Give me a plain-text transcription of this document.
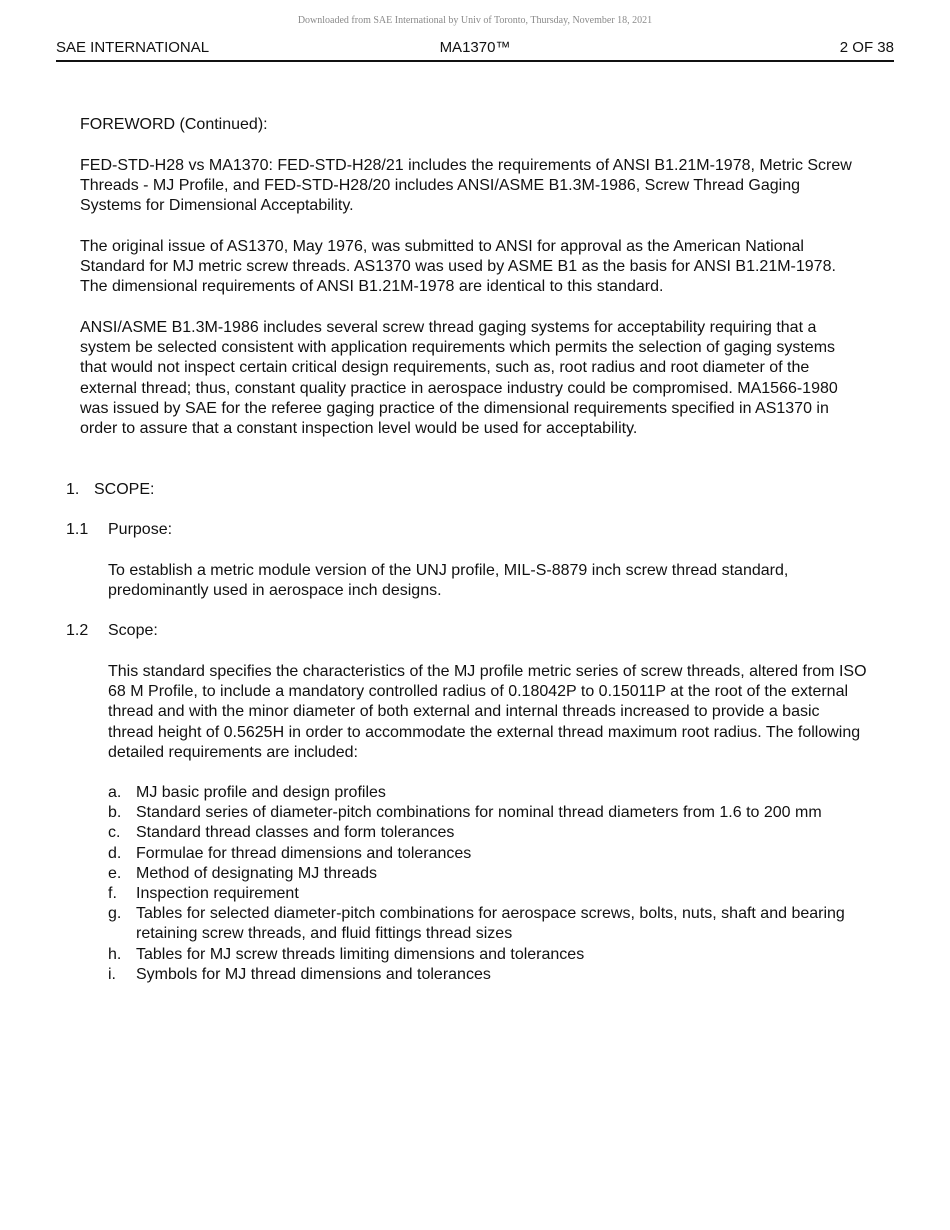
Downloaded from SAE International by Univ of Toronto, Thursday, November 18, 2021
SAE INTERNATIONAL	MA1370™	2 OF 38

FOREWORD (Continued):

FED-STD-H28 vs MA1370: FED-STD-H28/21 includes the requirements of ANSI B1.21M-1978, Metric Screw Threads - MJ Profile, and FED-STD-H28/20 includes ANSI/ASME B1.3M-1986, Screw Thread Gaging Systems for Dimensional Acceptability.

The original issue of AS1370, May 1976, was submitted to ANSI for approval as the American National Standard for MJ metric screw threads. AS1370 was used by ASME B1 as the basis for ANSI B1.21M-1978. The dimensional requirements of ANSI B1.21M-1978 are identical to this standard.

ANSI/ASME B1.3M-1986 includes several screw thread gaging systems for acceptability requiring that a system be selected consistent with application requirements which permits the selection of gaging systems that would not inspect certain critical design requirements, such as, root radius and root diameter of the external thread; thus, constant quality practice in aerospace industry could be compromised. MA1566-1980 was issued by SAE for the referee gaging practice of the dimensional requirements specified in AS1370 in order to assure that a constant inspection level would be used for acceptability.

1. SCOPE:

1.1 Purpose:

To establish a metric module version of the UNJ profile, MIL-S-8879 inch screw thread standard, predominantly used in aerospace inch designs.

1.2 Scope:

This standard specifies the characteristics of the MJ profile metric series of screw threads, altered from ISO 68 M Profile, to include a mandatory controlled radius of 0.18042P to 0.15011P at the root of the external thread and with the minor diameter of both external and internal threads increased to provide a basic thread height of 0.5625H in order to accommodate the external thread maximum root radius. The following detailed requirements are included:

a. MJ basic profile and design profiles
b. Standard series of diameter-pitch combinations for nominal thread diameters from 1.6 to 200 mm
c. Standard thread classes and form tolerances
d. Formulae for thread dimensions and tolerances
e. Method of designating MJ threads
f. Inspection requirement
g. Tables for selected diameter-pitch combinations for aerospace screws, bolts, nuts, shaft and bearing retaining screw threads, and fluid fittings thread sizes
h. Tables for MJ screw threads limiting dimensions and tolerances
i. Symbols for MJ thread dimensions and tolerances
